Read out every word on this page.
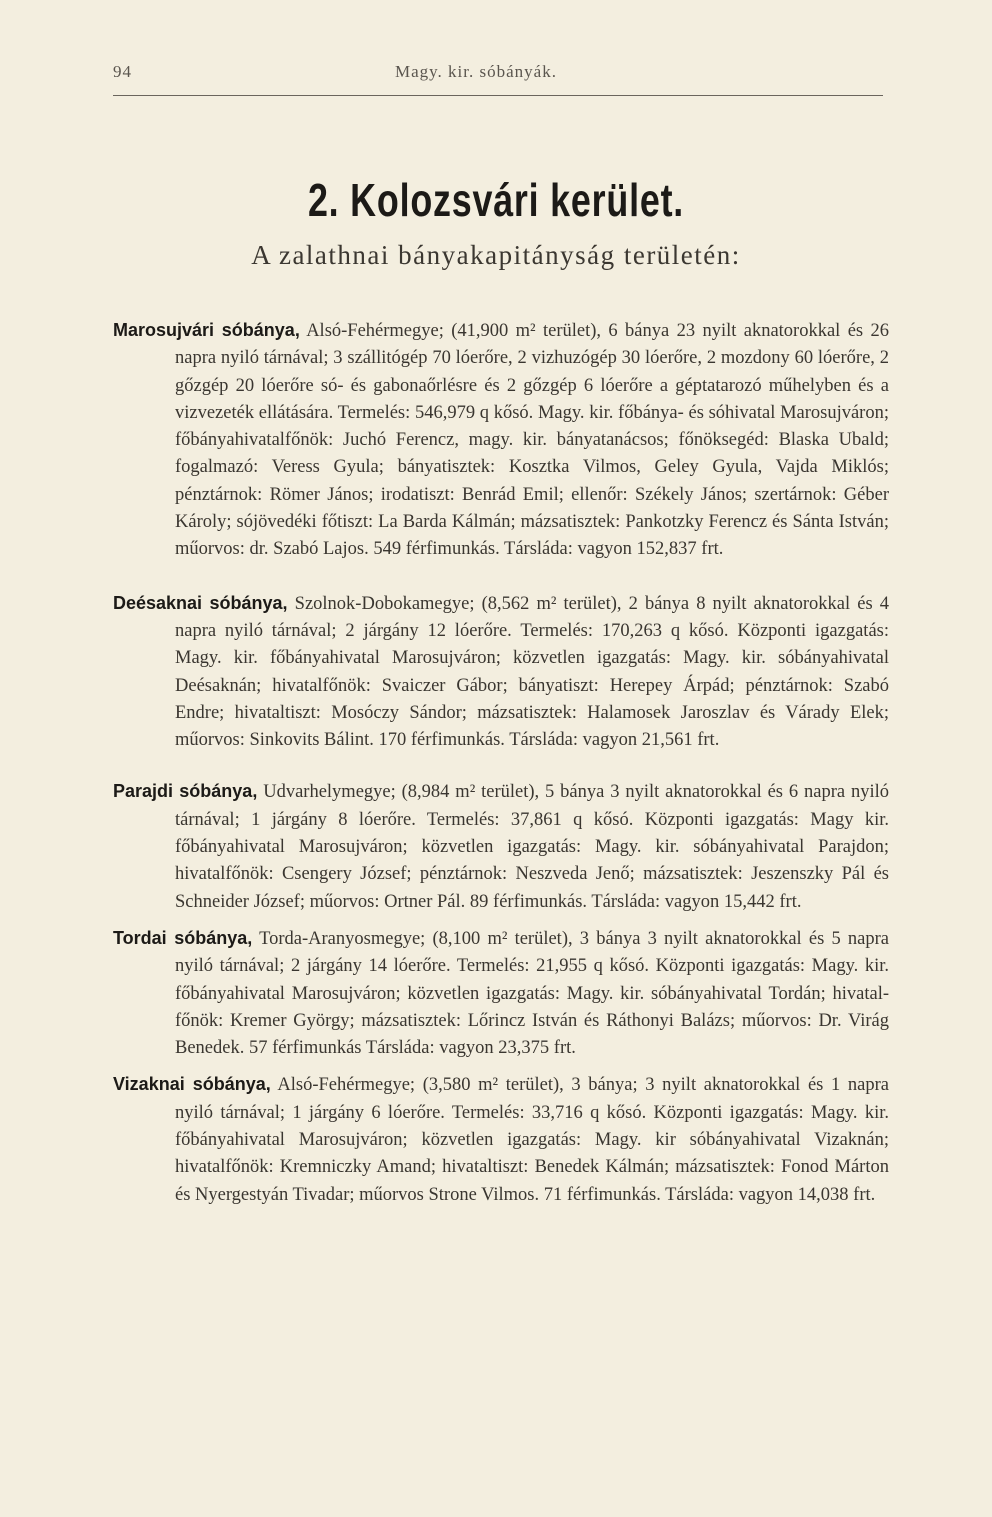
94	Magy. kir. sóbányák.
2. Kolozsvári kerület.
A zalathnai bányakapitányság területén:

Marosujvári sóbánya, Alsó-Fehérmegye; (41,900 m² terület), 6 bánya 23 nyilt aknatorokkal és 26 napra nyiló tárnával; 3 szállitógép 70 lóerőre, 2 vizhuzógép 30 lóerőre, 2 mozdony 60 lóerőre, 2 gőzgép 20 lóerőre só- és gabonaőrlésre és 2 gőzgép 6 lóerőre a géptatarozó műhelyben és a vizvezeték ellátására. Termelés: 546,979 q kősó. Magy. kir. főbánya- és sóhivatal Marosujváron; főbányahivatalfőnök: Juchó Ferencz, magy. kir. bányatanácsos; főnöksegéd: Blaska Ubald; fogalmazó: Veress Gyula; bányatisztek: Kosztka Vilmos, Geley Gyula, Vajda Miklós; pénztárnok: Römer János; irodatiszt: Benrád Emil; ellenőr: Székely János; szertárnok: Géber Károly; sójövedéki főtiszt: La Barda Kálmán; mázsatisztek: Pankotzky Ferencz és Sánta István; műorvos: dr. Szabó Lajos. 549 férfimunkás. Társláda: vagyon 152,837 frt.

Deésaknai sóbánya, Szolnok-Dobokamegye; (8,562 m² terület), 2 bánya 8 nyilt aknatorokkal és 4 napra nyiló tárnával; 2 járgány 12 lóerőre. Termelés: 170,263 q kősó. Központi igazgatás: Magy. kir. főbányahivatal Marosujváron; közvetlen igazgatás: Magy. kir. sóbányahivatal Deésaknán; hivatalfőnök: Svaiczer Gábor; bányatiszt: Herepey Árpád; pénztárnok: Szabó Endre; hivataltiszt: Mosóczy Sándor; mázsatisztek: Halamosek Jaroszlav és Várady Elek; műorvos: Sinkovits Bálint. 170 férfimunkás. Társláda: vagyon 21,561 frt.

Parajdi sóbánya, Udvarhelymegye; (8,984 m² terület), 5 bánya 3 nyilt aknatorokkal és 6 napra nyiló tárnával; 1 járgány 8 lóerőre. Termelés: 37,861 q kősó. Központi igazgatás: Magy kir. főbányahivatal Marosujváron; közvetlen igazgatás: Magy. kir. sóbányahivatal Parajdon; hivatalfőnök: Csengery József; pénztárnok: Neszveda Jenő; mázsatisztek: Jeszenszky Pál és Schneider József; műorvos: Ortner Pál. 89 férfimunkás. Társláda: vagyon 15,442 frt.

Tordai sóbánya, Torda-Aranyosmegye; (8,100 m² terület), 3 bánya 3 nyilt aknatorokkal és 5 napra nyiló tárnával; 2 járgány 14 lóerőre. Termelés: 21,955 q kősó. Központi igazgatás: Magy. kir. főbányahivatal Marosujváron; közvetlen igazgatás: Magy. kir. sóbányahivatal Tordán; hivatal-főnök: Kremer György; mázsatisztek: Lőrincz István és Ráthonyi Balázs; műorvos: Dr. Virág Benedek. 57 férfimunkás Társláda: vagyon 23,375 frt.

Vizaknai sóbánya, Alsó-Fehérmegye; (3,580 m² terület), 3 bánya; 3 nyilt aknatorokkal és 1 napra nyiló tárnával; 1 járgány 6 lóerőre. Termelés: 33,716 q kősó. Központi igazgatás: Magy. kir. főbányahivatal Marosujváron; közvetlen igazgatás: Magy. kir sóbányahivatal Vizaknán; hivatalfőnök: Kremniczky Amand; hivataltiszt: Benedek Kálmán; mázsatisztek: Fonod Márton és Nyergestyán Tivadar; műorvos Strone Vilmos. 71 férfimunkás. Társláda: vagyon 14,038 frt.
